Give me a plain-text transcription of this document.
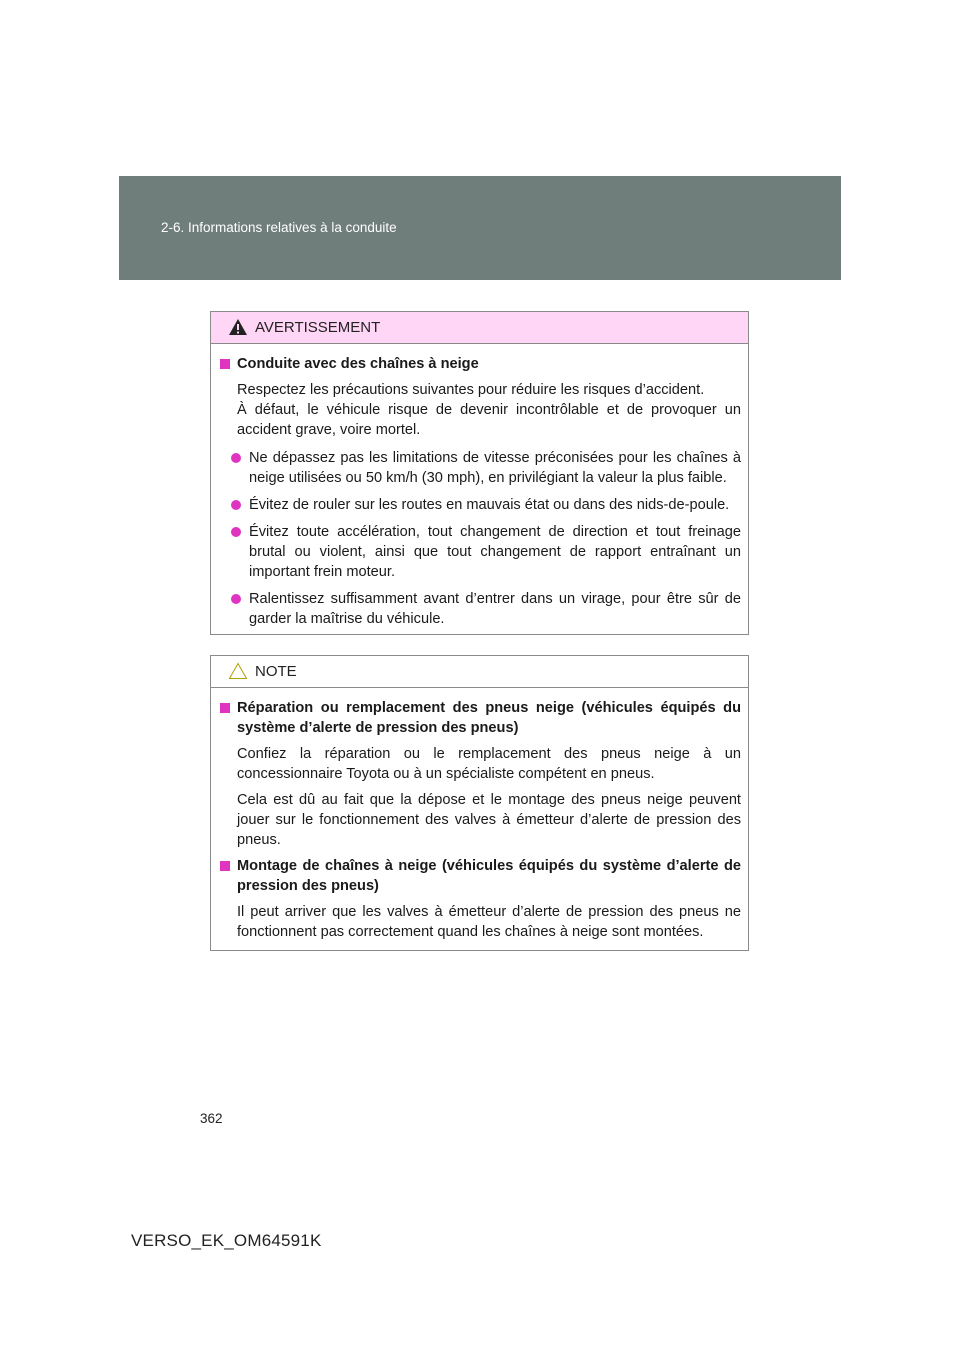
2-6. Informations relatives à la conduite
AVERTISSEMENT
Conduite avec des chaînes à neige
Respectez les précautions suivantes pour réduire les risques d’accident.
À défaut, le véhicule risque de devenir incontrôlable et de provoquer un accident grave, voire mortel.
Ne dépassez pas les limitations de vitesse préconisées pour les chaînes à neige utilisées ou 50 km/h (30 mph), en privilégiant la valeur la plus faible.
Évitez de rouler sur les routes en mauvais état ou dans des nids-de-poule.
Évitez toute accélération, tout changement de direction et tout freinage brutal ou violent, ainsi que tout changement de rapport entraînant un important frein moteur.
Ralentissez suffisamment avant d’entrer dans un virage, pour être sûr de garder la maîtrise du véhicule.
NOTE
Réparation ou remplacement des pneus neige (véhicules équipés du système d’alerte de pression des pneus)
Confiez la réparation ou le remplacement des pneus neige à un concessionnaire Toyota ou à un spécialiste compétent en pneus.
Cela est dû au fait que la dépose et le montage des pneus neige peuvent jouer sur le fonctionnement des valves à émetteur d’alerte de pression des pneus.
Montage de chaînes à neige (véhicules équipés du système d’alerte de pression des pneus)
Il peut arriver que les valves à émetteur d’alerte de pression des pneus ne fonctionnent pas correctement quand les chaînes à neige sont montées.
362
VERSO_EK_OM64591K
